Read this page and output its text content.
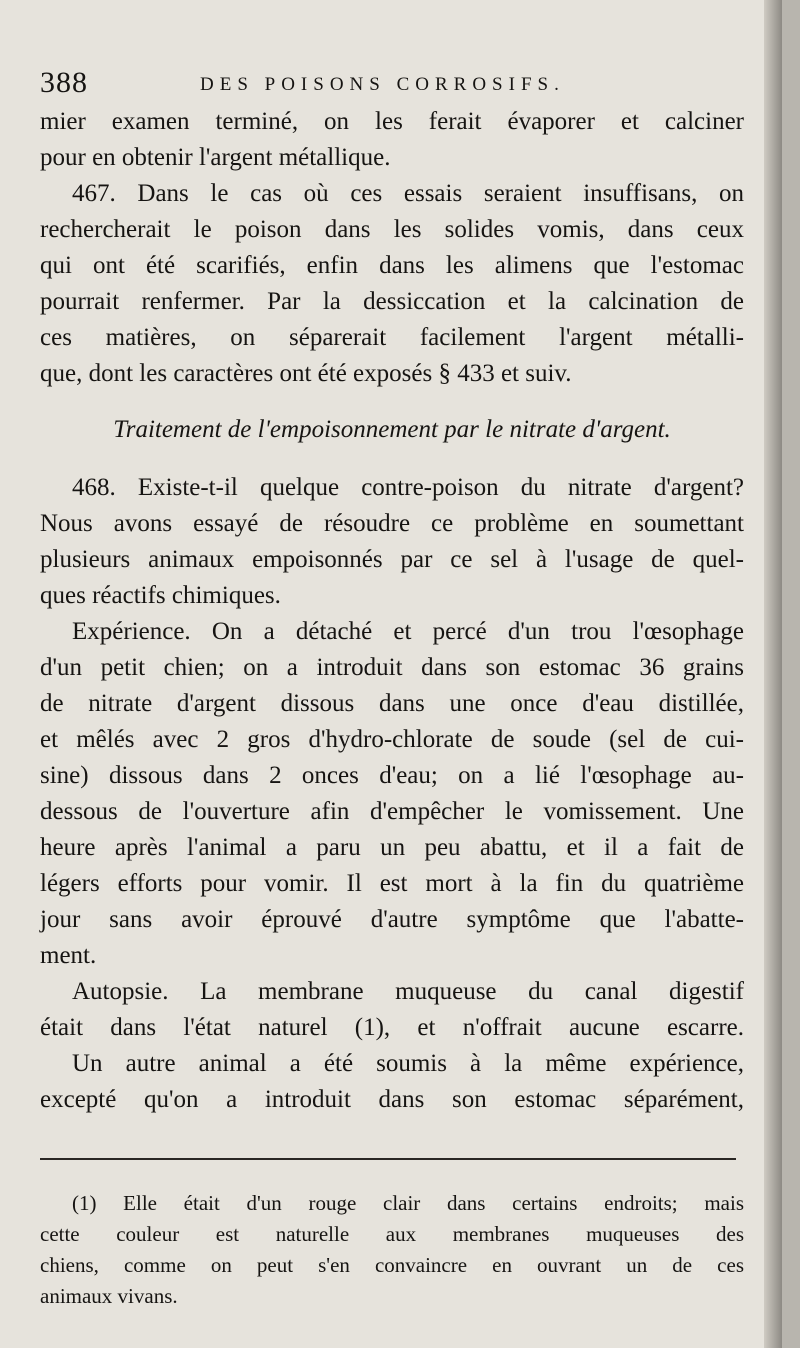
388	DES POISONS CORROSIFS.
mier examen terminé, on les ferait évaporer et calciner
pour en obtenir l'argent métallique.
467. Dans le cas où ces essais seraient insuffisans, on
rechercherait le poison dans les solides vomis, dans ceux
qui ont été scarifiés, enfin dans les alimens que l'estomac
pourrait renfermer. Par la dessiccation et la calcination de
ces matières, on séparerait facilement l'argent métalli-
que, dont les caractères ont été exposés § 433 et suiv.
Traitement de l'empoisonnement par le nitrate d'argent.
468. Existe-t-il quelque contre-poison du nitrate d'argent?
Nous avons essayé de résoudre ce problème en soumettant
plusieurs animaux empoisonnés par ce sel à l'usage de quel-
ques réactifs chimiques.
Expérience. On a détaché et percé d'un trou l'œsophage
d'un petit chien; on a introduit dans son estomac 36 grains
de nitrate d'argent dissous dans une once d'eau distillée,
et mêlés avec 2 gros d'hydro-chlorate de soude (sel de cui-
sine) dissous dans 2 onces d'eau; on a lié l'œsophage au-
dessous de l'ouverture afin d'empêcher le vomissement. Une
heure après l'animal a paru un peu abattu, et il a fait de
légers efforts pour vomir. Il est mort à la fin du quatrième
jour sans avoir éprouvé d'autre symptôme que l'abatte-
ment.
Autopsie. La membrane muqueuse du canal digestif
était dans l'état naturel (1), et n'offrait aucune escarre.
Un autre animal a été soumis à la même expérience,
excepté qu'on a introduit dans son estomac séparément,
(1) Elle était d'un rouge clair dans certains endroits; mais
cette couleur est naturelle aux membranes muqueuses des
chiens, comme on peut s'en convaincre en ouvrant un de ces
animaux vivans.
